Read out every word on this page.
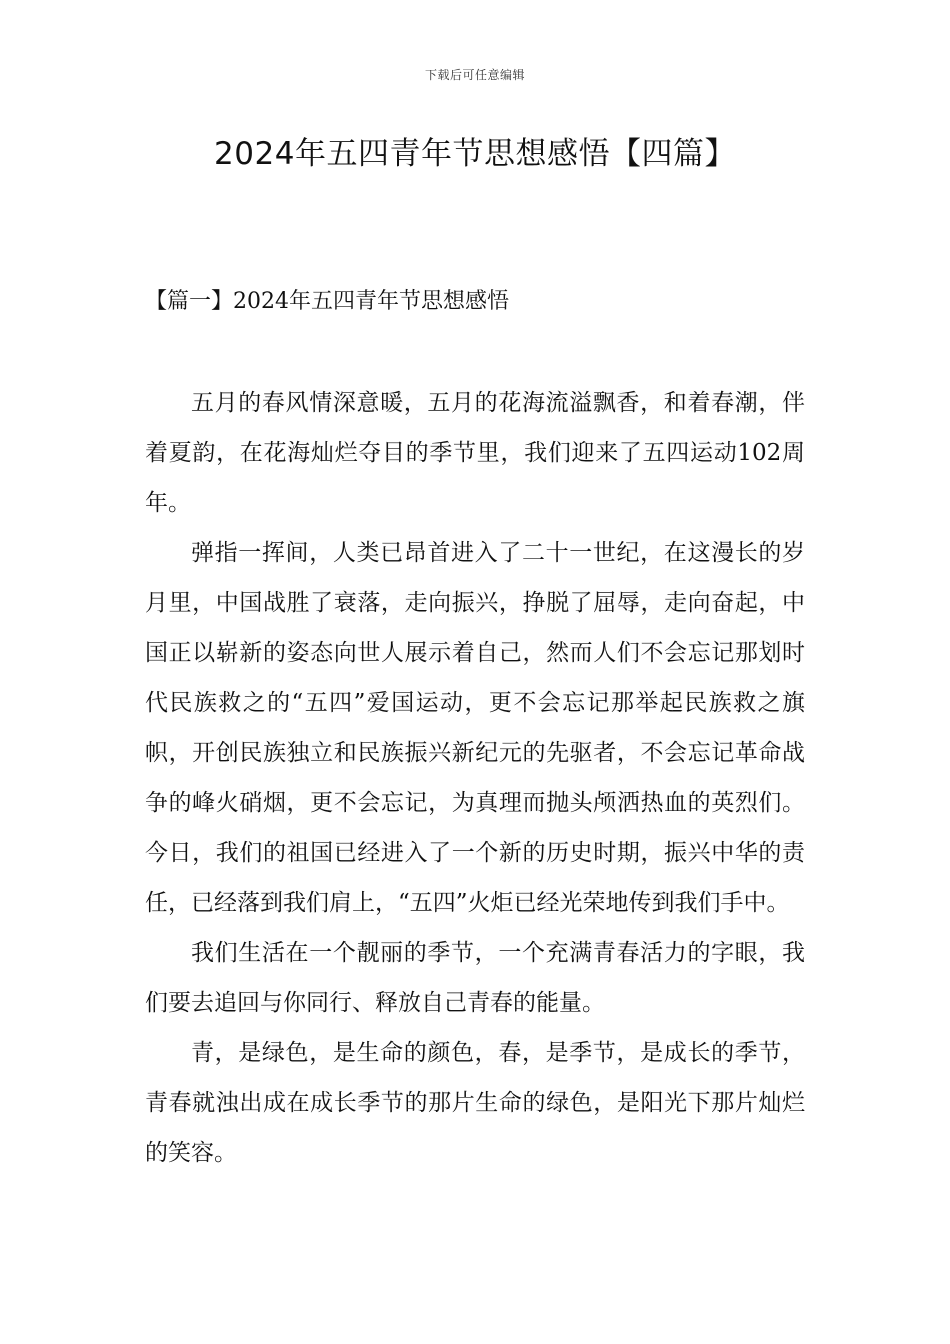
下载后可任意编辑
2024年五四青年节思想感悟【四篇】
【篇一】2024年五四青年节思想感悟

五月的春风情深意暖，五月的花海流溢飘香，和着春潮，伴着夏韵，在花海灿烂夺目的季节里，我们迎来了五四运动102周年。

弹指一挥间，人类已昂首进入了二十一世纪，在这漫长的岁月里，中国战胜了衰落，走向振兴，挣脱了屈辱，走向奋起，中国正以崭新的姿态向世人展示着自己，然而人们不会忘记那划时代民族救之的“五四”爱国运动，更不会忘记那举起民族救之旗帜，开创民族独立和民族振兴新纪元的先驱者，不会忘记革命战争的峰火硝烟，更不会忘记，为真理而抛头颅洒热血的英烈们。今日，我们的祖国已经进入了一个新的历史时期，振兴中华的责任，已经落到我们肩上，“五四”火炬已经光荣地传到我们手中。

我们生活在一个靓丽的季节，一个充满青春活力的字眼，我们要去追回与你同行、释放自己青春的能量。

青，是绿色，是生命的颜色，春，是季节，是成长的季节，青春就浊出成在成长季节的那片生命的绿色，是阳光下那片灿烂的笑容。
